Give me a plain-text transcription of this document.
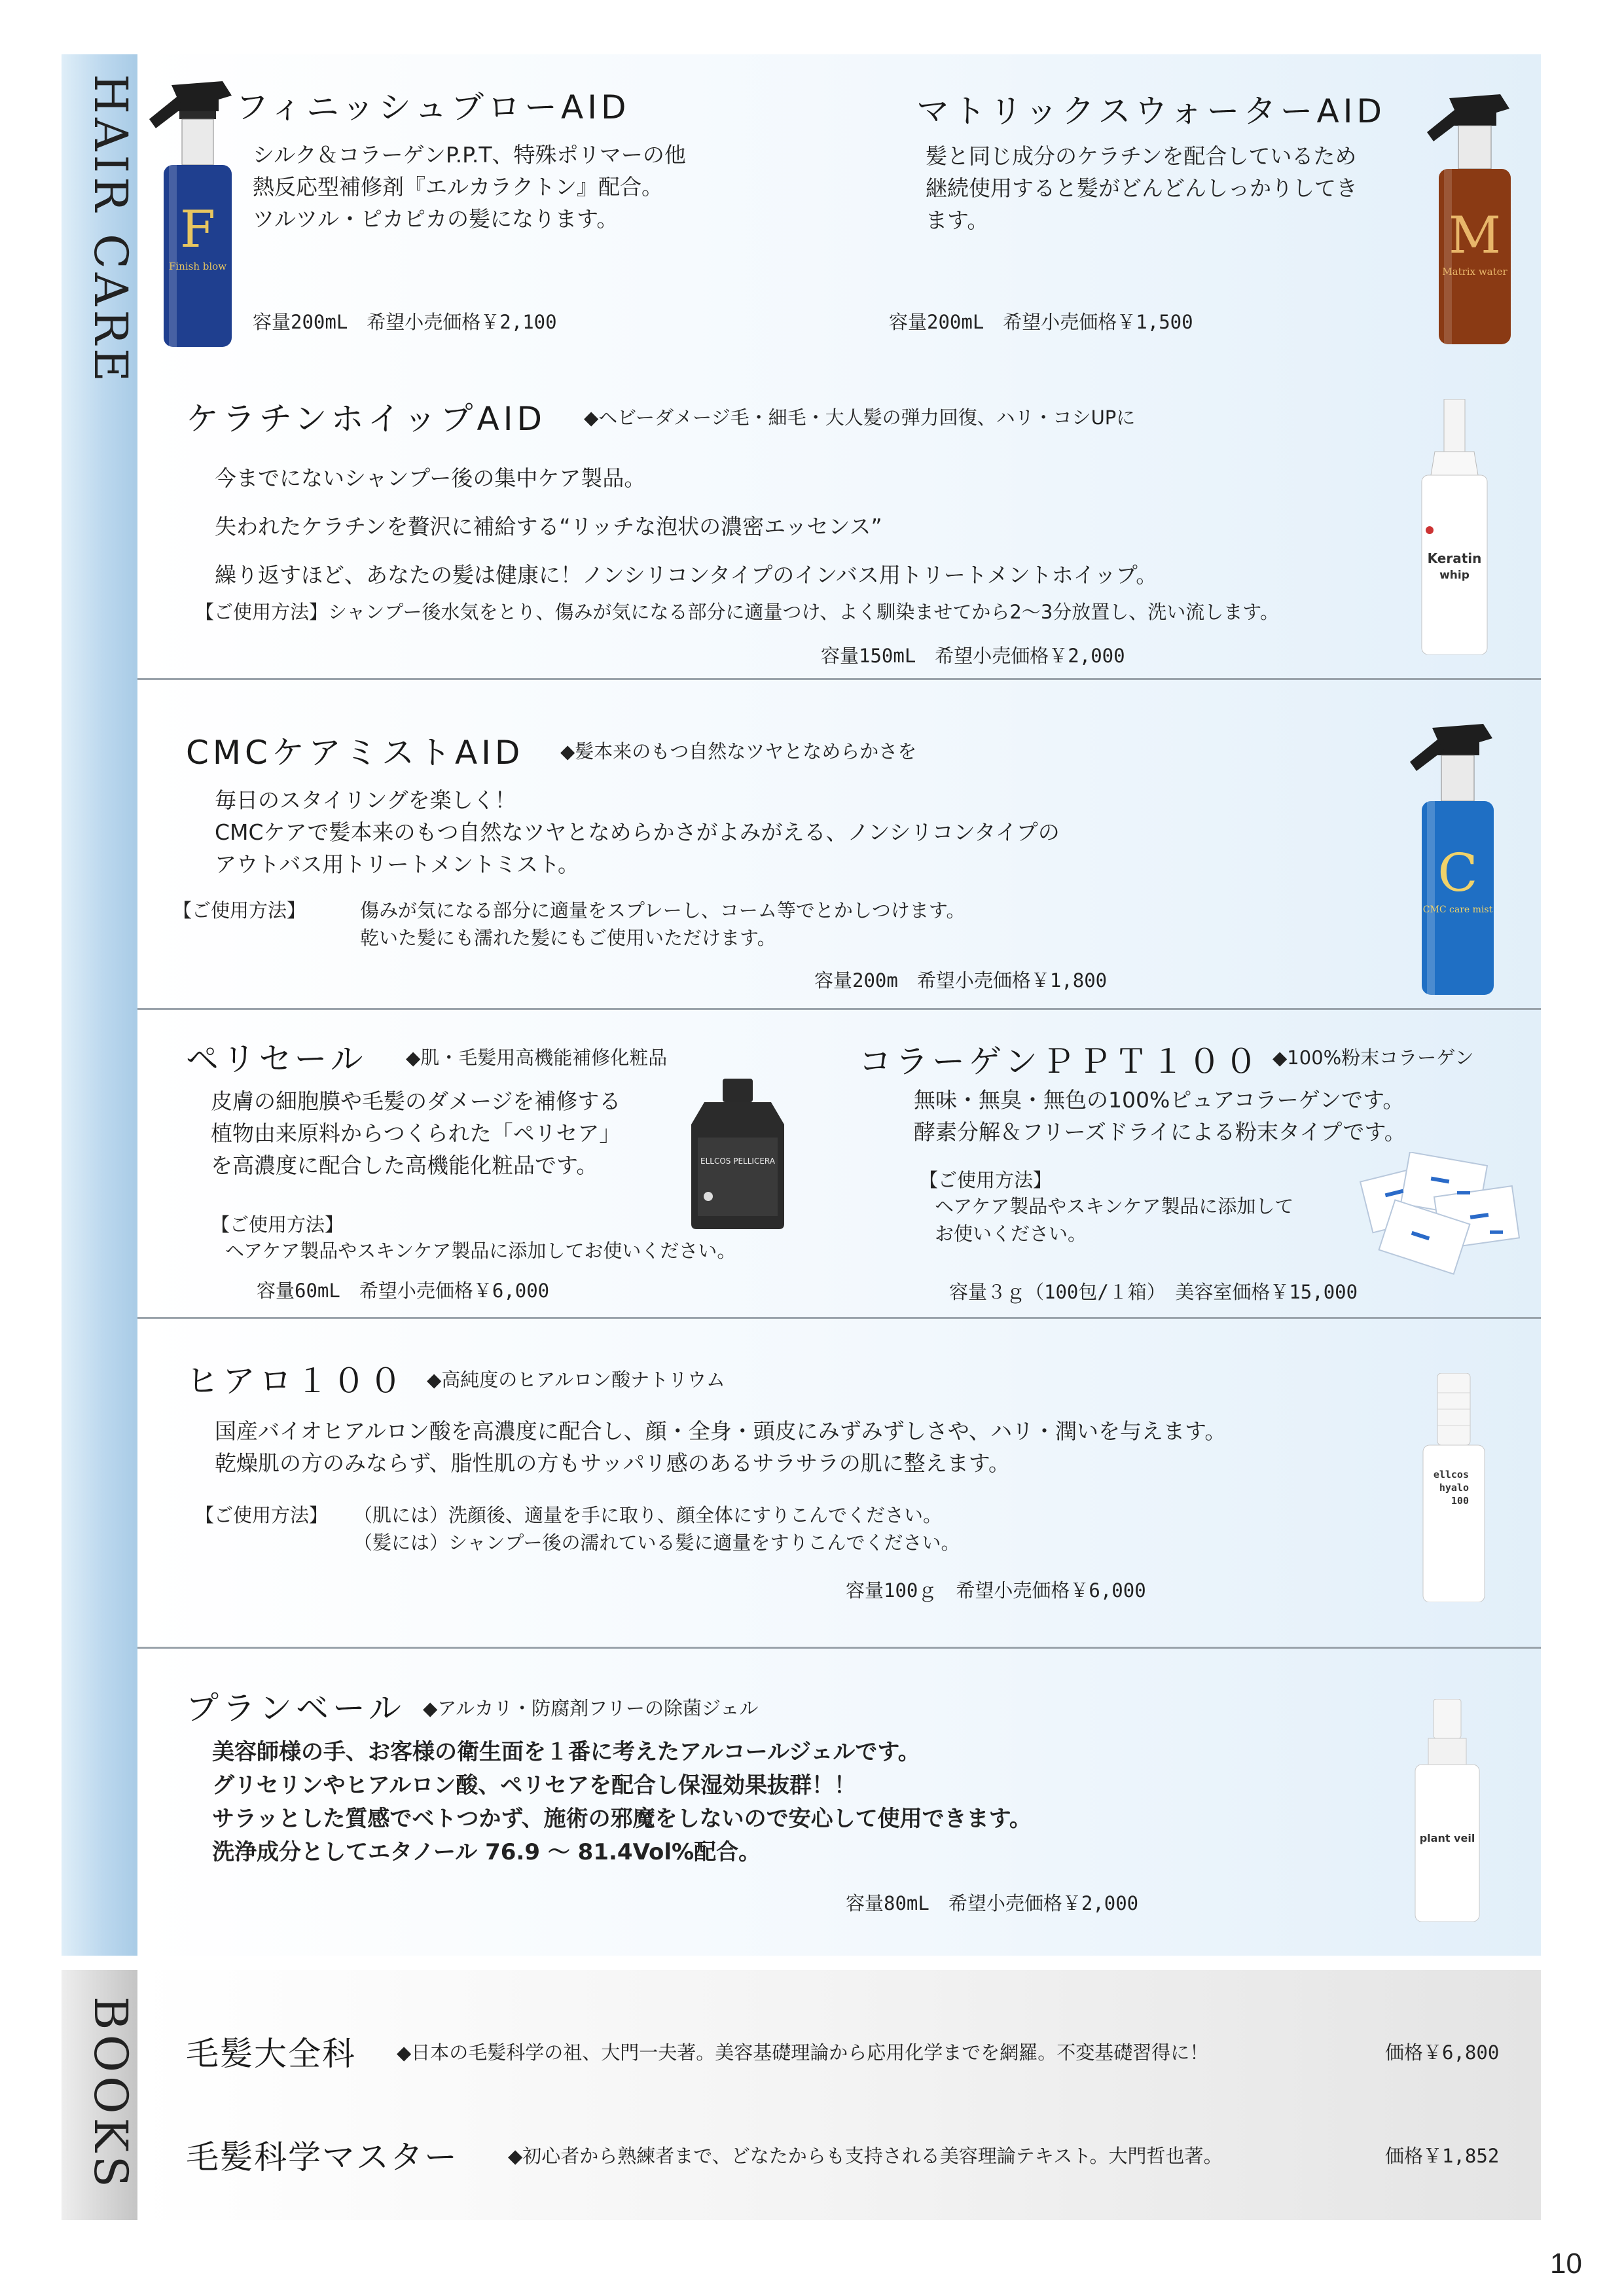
HAIR CARE
BOOKS
F
Finish blow
フィニッシュブローAID
シルク＆コラーゲンP.P.T、特殊ポリマーの他
熱反応型補修剤『エルカラクトン』配合。
ツルツル・ピカピカの髪になります。
容量200mL　希望小売価格￥2,100
マトリックスウォーターAID
髪と同じ成分のケラチンを配合しているため
継続使用すると髪がどんどんしっかりしてき
ます。
容量200mL　希望小売価格￥1,500
M
Matrix water
ケラチンホイップAID ◆ヘビーダメージ毛・細毛・大人髪の弾力回復、ハリ・コシUPに
今までにないシャンプー後の集中ケア製品。
失われたケラチンを贅沢に補給する“リッチな泡状の濃密エッセンス”
繰り返すほど、あなたの髪は健康に！ノンシリコンタイプのインバス用トリートメントホイップ。
【ご使用方法】シャンプー後水気をとり、傷みが気になる部分に適量つけ、よく馴染ませてから2～3分放置し、洗い流します。
容量150mL　希望小売価格￥2,000
Keratin
whip
CMCケアミストAID ◆髪本来のもつ自然なツヤとなめらかさを
毎日のスタイリングを楽しく！
CMCケアで髪本来のもつ自然なツヤとなめらかさがよみがえる、ノンシリコンタイプの
アウトバス用トリートメントミスト。
【ご使用方法】	傷みが気になる部分に適量をスプレーし、コーム等でとかしつけます。
乾いた髪にも濡れた髪にもご使用いただけます。
容量200m　希望小売価格￥1,800
C
CMC care mist
ペリセール ◆肌・毛髪用高機能補修化粧品
皮膚の細胞膜や毛髪のダメージを補修する
植物由来原料からつくられた「ペリセア」
を高濃度に配合した高機能化粧品です。
【ご使用方法】
ヘアケア製品やスキンケア製品に添加してお使いください。
容量60mL　希望小売価格￥6,000
ELLCOS PELLICERA
コラーゲンＰＰＴ１００ ◆100%粉末コラーゲン
無味・無臭・無色の100%ピュアコラーゲンです。
酵素分解＆フリーズドライによる粉末タイプです。
【ご使用方法】
ヘアケア製品やスキンケア製品に添加して
お使いください。
容量３ｇ（100包/１箱）　美容室価格￥15,000
ヒアロ１００ ◆高純度のヒアルロン酸ナトリウム
国産バイオヒアルロン酸を高濃度に配合し、顔・全身・頭皮にみずみずしさや、ハリ・潤いを与えます。
乾燥肌の方のみならず、脂性肌の方もサッパリ感のあるサラサラの肌に整えます。
【ご使用方法】 （肌には）洗顔後、適量を手に取り、顔全体にすりこんでください。
（髪には）シャンプー後の濡れている髪に適量をすりこんでください。
容量100ｇ　希望小売価格￥6,000
ellcos
hyalo
100
プランベール ◆アルカリ・防腐剤フリーの除菌ジェル
美容師様の手、お客様の衛生面を１番に考えたアルコールジェルです。
グリセリンやヒアルロン酸、ペリセアを配合し保湿効果抜群！！
サラッとした質感でベトつかず、施術の邪魔をしないので安心して使用できます。
洗浄成分としてエタノール 76.9 ～ 81.4Vol%配合。
容量80mL　希望小売価格￥2,000
plant veil
毛髪大全科 ◆日本の毛髪科学の祖、大門一夫著。美容基礎理論から応用化学までを網羅。不変基礎習得に！	価格￥6,800
毛髪科学マスター	◆初心者から熟練者まで、どなたからも支持される美容理論テキスト。大門哲也著。	価格￥1,852
10
